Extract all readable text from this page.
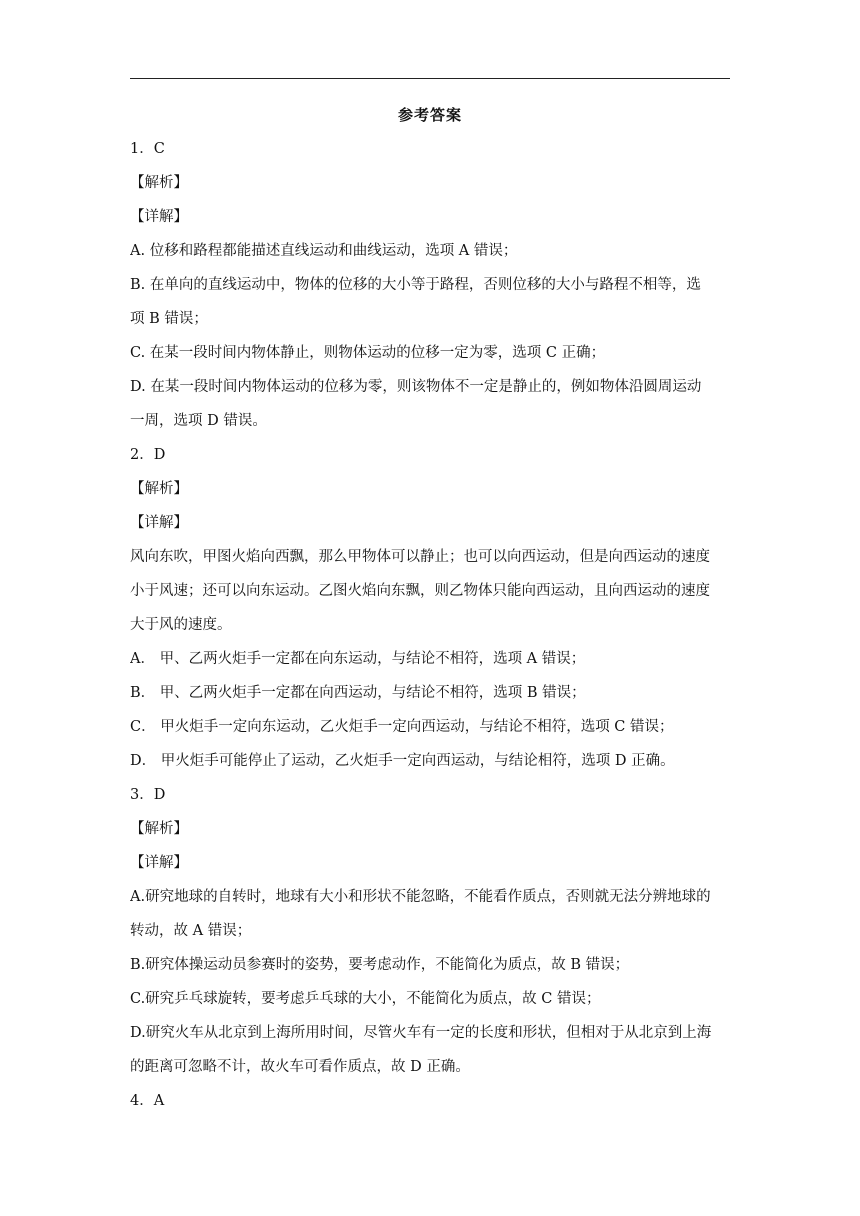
参考答案
1．C
【解析】
【详解】
A. 位移和路程都能描述直线运动和曲线运动，选项 A 错误；
B. 在单向的直线运动中，物体的位移的大小等于路程，否则位移的大小与路程不相等，选
项 B 错误；
C. 在某一段时间内物体静止，则物体运动的位移一定为零，选项 C 正确；
D. 在某一段时间内物体运动的位移为零，则该物体不一定是静止的，例如物体沿圆周运动
一周，选项 D 错误。
2．D
【解析】
【详解】
风向东吹，甲图火焰向西飘，那么甲物体可以静止；也可以向西运动，但是向西运动的速度
小于风速；还可以向东运动。乙图火焰向东飘，则乙物体只能向西运动，且向西运动的速度
大于风的速度。
A． 甲、乙两火炬手一定都在向东运动，与结论不相符，选项 A 错误；
B． 甲、乙两火炬手一定都在向西运动，与结论不相符，选项 B 错误；
C． 甲火炬手一定向东运动，乙火炬手一定向西运动，与结论不相符，选项 C 错误；
D． 甲火炬手可能停止了运动，乙火炬手一定向西运动，与结论相符，选项 D 正确。
3．D
【解析】
【详解】
A.研究地球的自转时，地球有大小和形状不能忽略，不能看作质点，否则就无法分辨地球的
转动，故 A 错误；
B.研究体操运动员参赛时的姿势，要考虑动作，不能简化为质点，故 B 错误；
C.研究乒乓球旋转，要考虑乒乓球的大小，不能简化为质点，故 C 错误；
D.研究火车从北京到上海所用时间，尽管火车有一定的长度和形状，但相对于从北京到上海
的距离可忽略不计，故火车可看作质点，故 D 正确。
4．A
